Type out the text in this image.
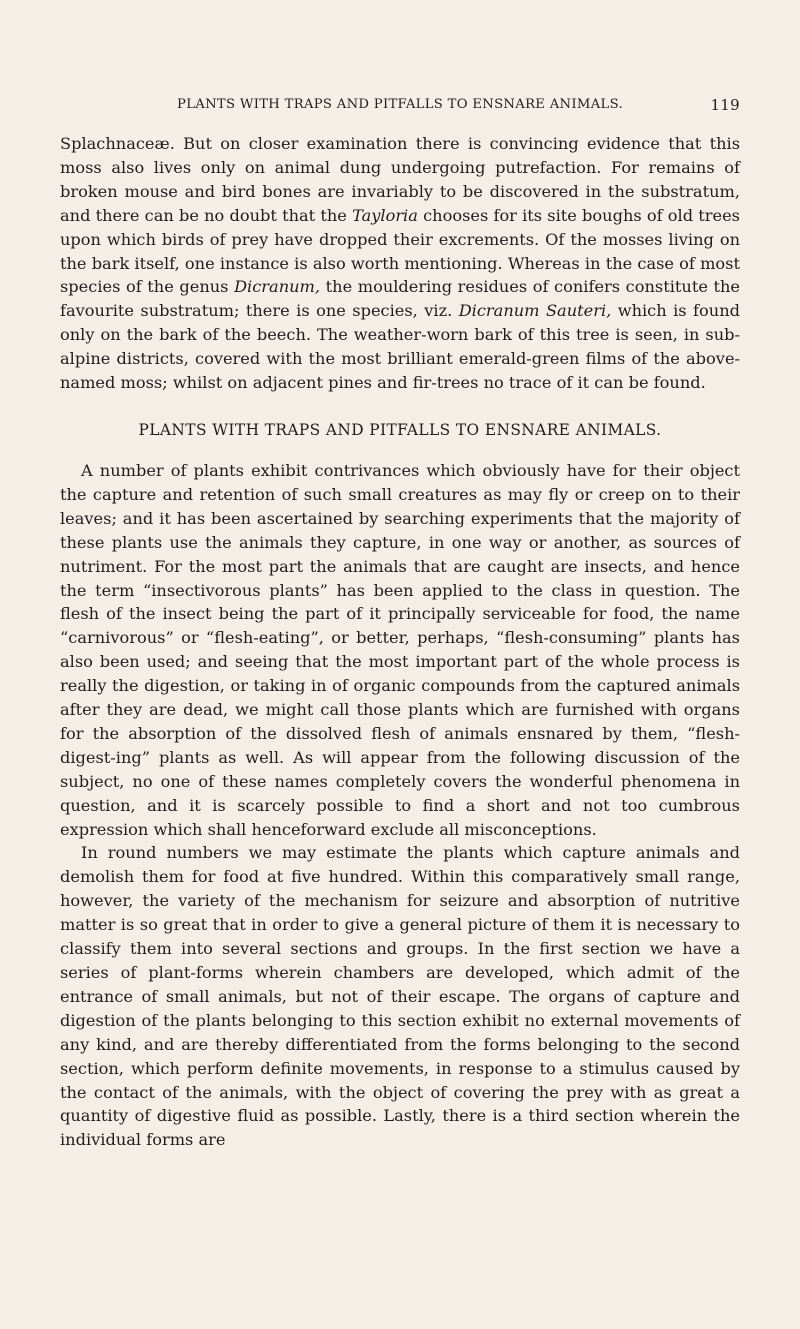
PLANTS WITH TRAPS AND PITFALLS TO ENSNARE ANIMALS.	119

Splachnaceæ. But on closer examination there is convincing evidence that this moss also lives only on animal dung undergoing putrefaction. For remains of broken mouse and bird bones are invariably to be discovered in the substratum, and there can be no doubt that the Tayloria chooses for its site boughs of old trees upon which birds of prey have dropped their excrements. Of the mosses living on the bark itself, one instance is also worth mentioning. Whereas in the case of most species of the genus Dicranum, the mouldering residues of conifers constitute the favourite substratum; there is one species, viz. Dicranum Sauteri, which is found only on the bark of the beech. The weather-worn bark of this tree is seen, in sub-alpine districts, covered with the most brilliant emerald-green films of the above-named moss; whilst on adjacent pines and fir-trees no trace of it can be found.

PLANTS WITH TRAPS AND PITFALLS TO ENSNARE ANIMALS.

A number of plants exhibit contrivances which obviously have for their object the capture and retention of such small creatures as may fly or creep on to their leaves; and it has been ascertained by searching experiments that the majority of these plants use the animals they capture, in one way or another, as sources of nutriment. For the most part the animals that are caught are insects, and hence the term “insectivorous plants” has been applied to the class in question. The flesh of the insect being the part of it principally serviceable for food, the name “carnivorous” or “flesh-eating”, or better, perhaps, “flesh-consuming” plants has also been used; and seeing that the most important part of the whole process is really the digestion, or taking in of organic compounds from the captured animals after they are dead, we might call those plants which are furnished with organs for the absorption of the dissolved flesh of animals ensnared by them, “flesh-digest-ing” plants as well. As will appear from the following discussion of the subject, no one of these names completely covers the wonderful phenomena in question, and it is scarcely possible to find a short and not too cumbrous expression which shall henceforward exclude all misconceptions.

In round numbers we may estimate the plants which capture animals and demolish them for food at five hundred. Within this comparatively small range, however, the variety of the mechanism for seizure and absorption of nutritive matter is so great that in order to give a general picture of them it is necessary to classify them into several sections and groups. In the first section we have a series of plant-forms wherein chambers are developed, which admit of the entrance of small animals, but not of their escape. The organs of capture and digestion of the plants belonging to this section exhibit no external movements of any kind, and are thereby differentiated from the forms belonging to the second section, which perform definite movements, in response to a stimulus caused by the contact of the animals, with the object of covering the prey with as great a quantity of digestive fluid as possible. Lastly, there is a third section wherein the individual forms are
